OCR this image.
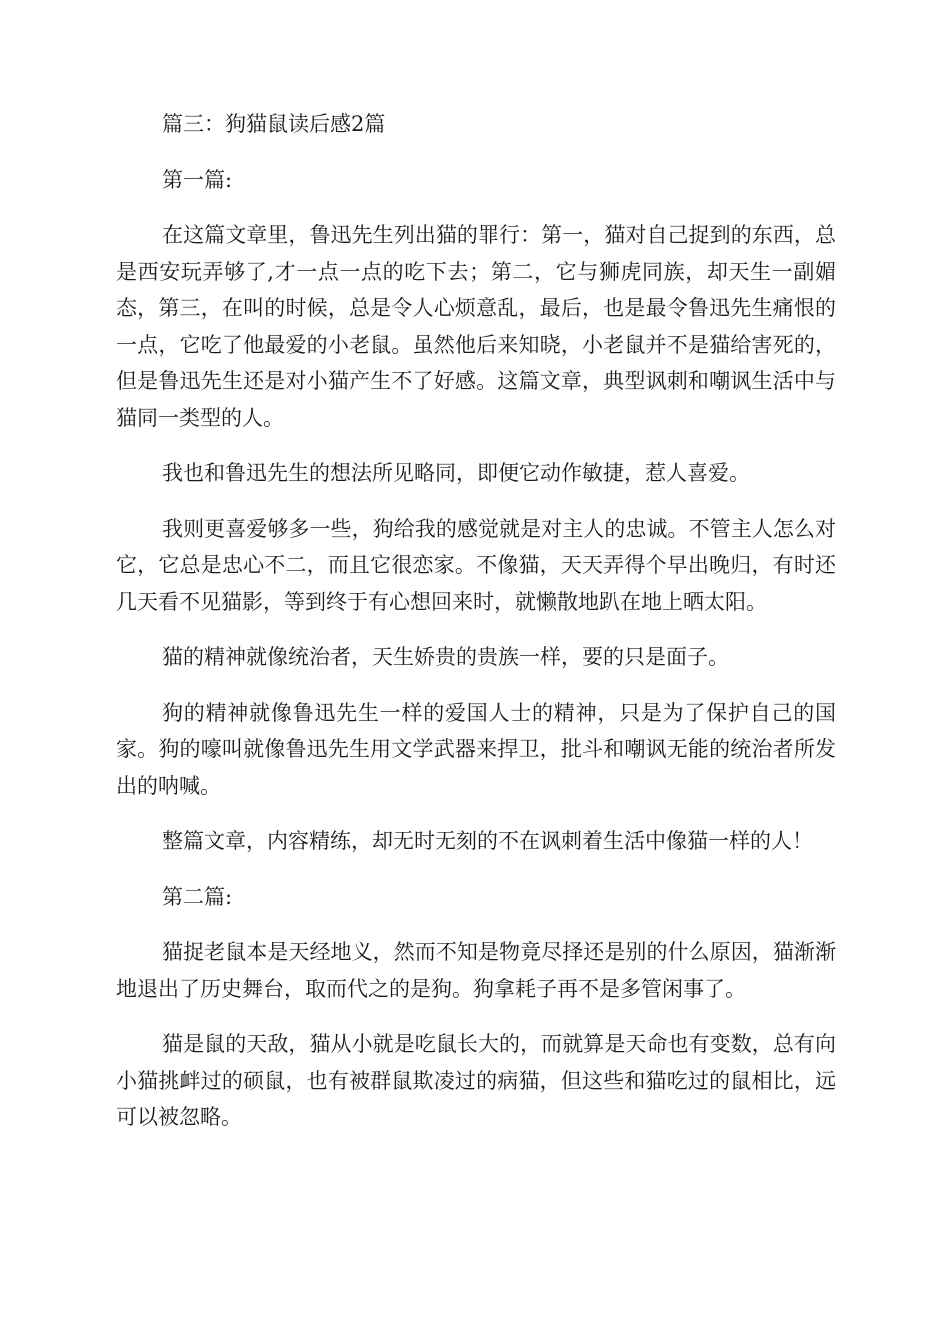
篇三：狗猫鼠读后感2篇

第一篇:

在这篇文章里，鲁迅先生列出猫的罪行：第一，猫对自己捉到的东西，总是西安玩弄够了,才一点一点的吃下去；第二，它与狮虎同族，却天生一副媚态，第三，在叫的时候，总是令人心烦意乱，最后，也是最令鲁迅先生痛恨的一点，它吃了他最爱的小老鼠。虽然他后来知晓，小老鼠并不是猫给害死的，但是鲁迅先生还是对小猫产生不了好感。这篇文章，典型讽刺和嘲讽生活中与猫同一类型的人。

我也和鲁迅先生的想法所见略同，即便它动作敏捷，惹人喜爱。

我则更喜爱够多一些，狗给我的感觉就是对主人的忠诚。不管主人怎么对它，它总是忠心不二，而且它很恋家。不像猫，天天弄得个早出晚归，有时还几天看不见猫影，等到终于有心想回来时，就懒散地趴在地上晒太阳。

猫的精神就像统治者，天生娇贵的贵族一样，要的只是面子。

狗的精神就像鲁迅先生一样的爱国人士的精神，只是为了保护自己的国家。狗的嚎叫就像鲁迅先生用文学武器来捍卫，批斗和嘲讽无能的统治者所发出的呐喊。

整篇文章，内容精练，却无时无刻的不在讽刺着生活中像猫一样的人！

第二篇:

猫捉老鼠本是天经地义，然而不知是物竟尽择还是别的什么原因，猫渐渐地退出了历史舞台，取而代之的是狗。狗拿耗子再不是多管闲事了。

猫是鼠的天敌，猫从小就是吃鼠长大的，而就算是天命也有变数，总有向小猫挑衅过的硕鼠，也有被群鼠欺凌过的病猫，但这些和猫吃过的鼠相比，远可以被忽略。
